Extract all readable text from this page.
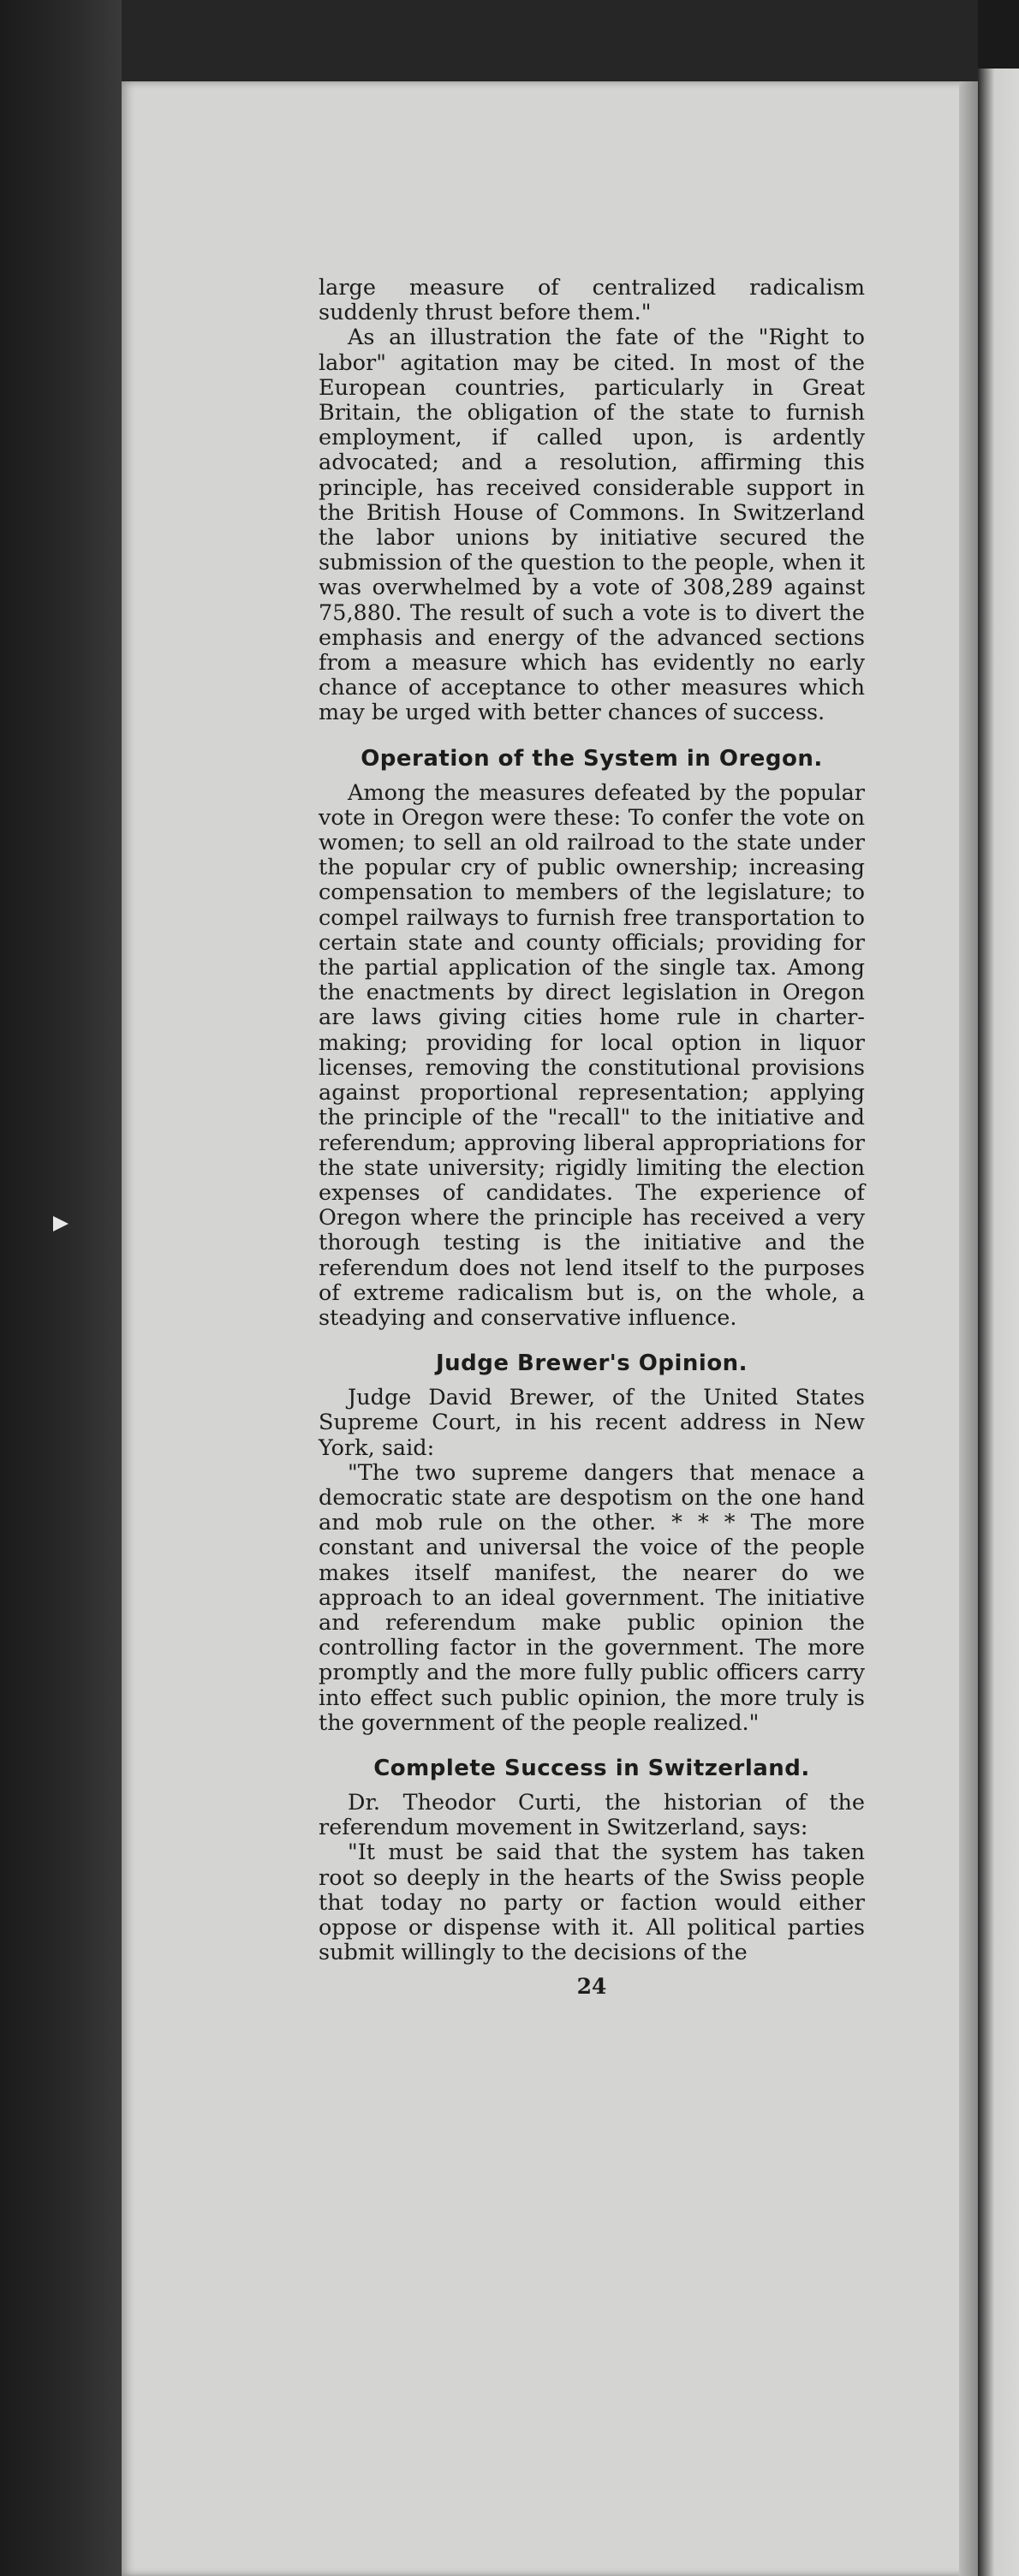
large measure of centralized radicalism suddenly thrust before them."

As an illustration the fate of the "Right to labor" agitation may be cited. In most of the European countries, particularly in Great Britain, the obligation of the state to furnish employment, if called upon, is ardently advocated; and a resolution, affirming this principle, has received considerable support in the British House of Commons. In Switzerland the labor unions by initiative secured the submission of the question to the people, when it was overwhelmed by a vote of 308,289 against 75,880. The result of such a vote is to divert the emphasis and energy of the advanced sections from a measure which has evidently no early chance of acceptance to other measures which may be urged with better chances of success.

Operation of the System in Oregon.

Among the measures defeated by the popular vote in Oregon were these: To confer the vote on women; to sell an old railroad to the state under the popular cry of public ownership; increasing compensation to members of the legislature; to compel railways to furnish free transportation to certain state and county officials; providing for the partial application of the single tax. Among the enactments by direct legislation in Oregon are laws giving cities home rule in charter-making; providing for local option in liquor licenses, removing the constitutional provisions against proportional representation; applying the principle of the "recall" to the initiative and referendum; approving liberal appropriations for the state university; rigidly limiting the election expenses of candidates. The experience of Oregon where the principle has received a very thorough testing is the initiative and the referendum does not lend itself to the purposes of extreme radicalism but is, on the whole, a steadying and conservative influence.

Judge Brewer's Opinion.

Judge David Brewer, of the United States Supreme Court, in his recent address in New York, said:

"The two supreme dangers that menace a democratic state are despotism on the one hand and mob rule on the other. * * * The more constant and universal the voice of the people makes itself manifest, the nearer do we approach to an ideal government. The initiative and referendum make public opinion the controlling factor in the government. The more promptly and the more fully public officers carry into effect such public opinion, the more truly is the government of the people realized."

Complete Success in Switzerland.

Dr. Theodor Curti, the historian of the referendum movement in Switzerland, says:

"It must be said that the system has taken root so deeply in the hearts of the Swiss people that today no party or faction would either oppose or dispense with it. All political parties submit willingly to the decisions of the

24
